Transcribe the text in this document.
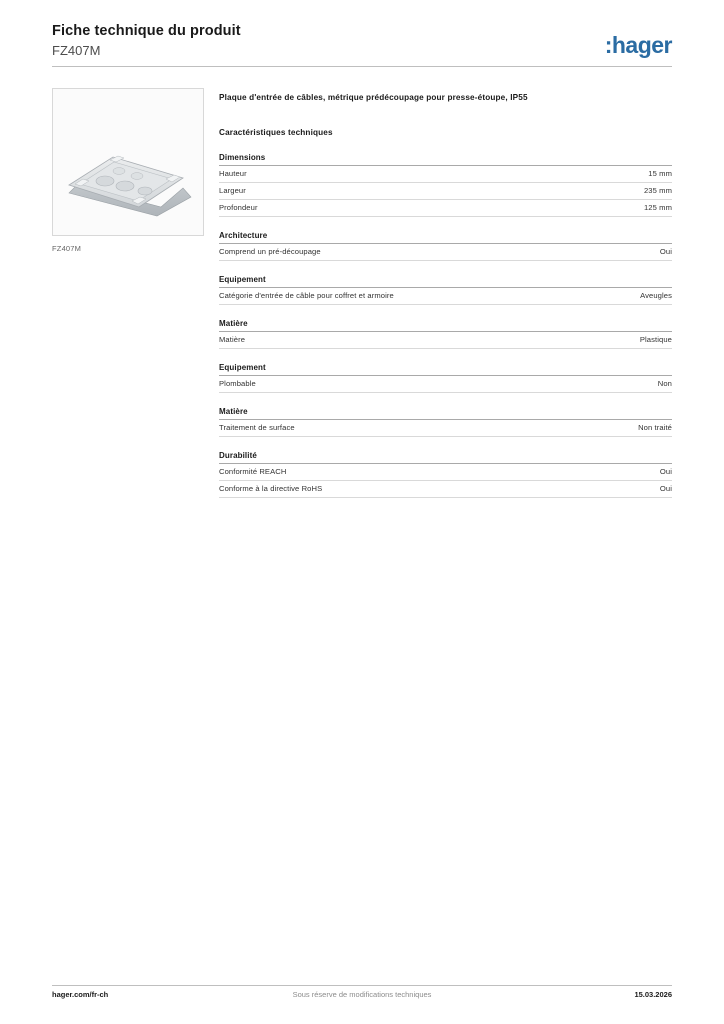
Fiche technique du produit
FZ407M	:hager
FZ407M
Plaque d'entrée de câbles, métrique prédécoupage pour presse-étoupe, IP55
Caractéristiques techniques
Dimensions
Hauteur	15 mm
Largeur	235 mm
Profondeur	125 mm
Architecture
Comprend un pré-découpage	Oui
Equipement
Catégorie d'entrée de câble pour coffret et armoire	Aveugles
Matière
Matière	Plastique
Equipement
Plombable	Non
Matière
Traitement de surface	Non traité
Durabilité
Conformité REACH	Oui
Conforme à la directive RoHS	Oui
hager.com/fr-ch	Sous réserve de modifications techniques	15.03.2026
